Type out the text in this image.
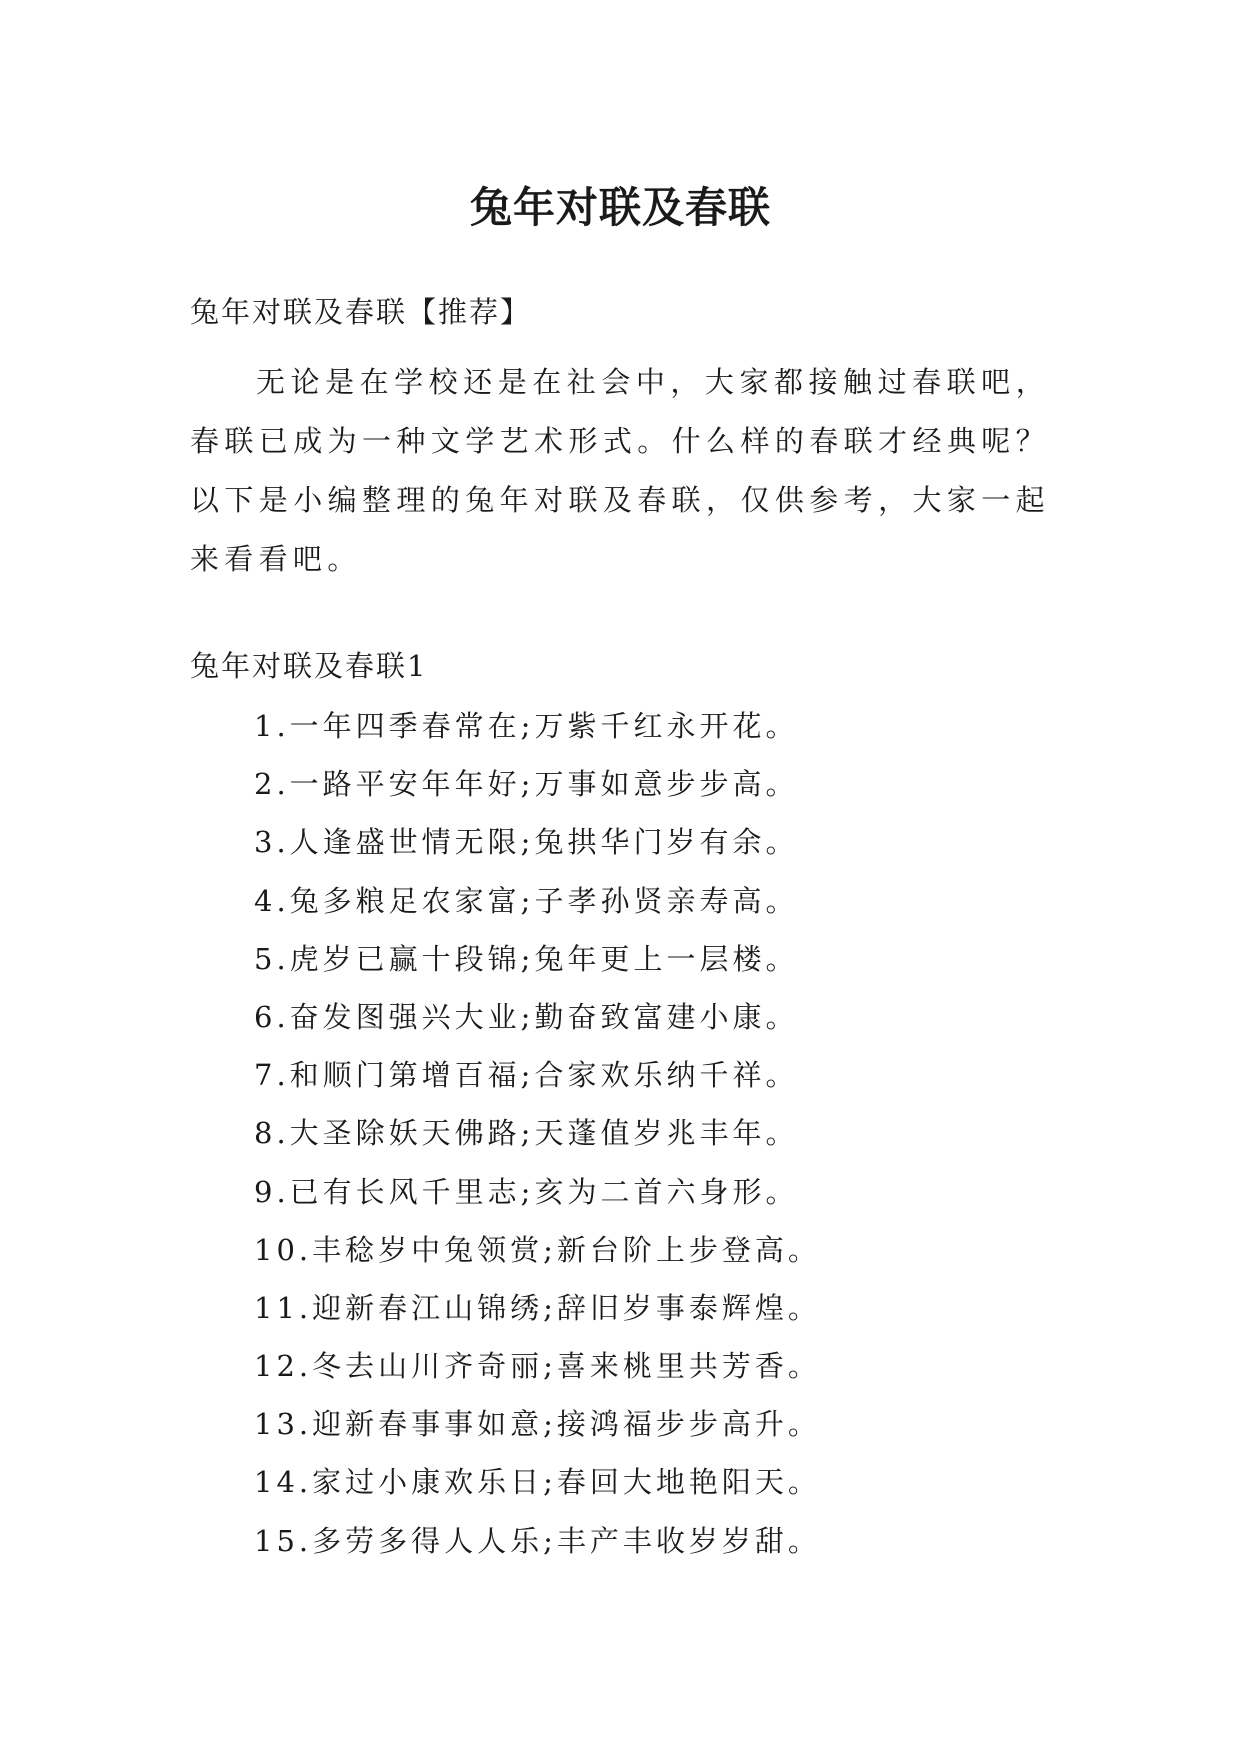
兔年对联及春联
兔年对联及春联【推荐】

无论是在学校还是在社会中，大家都接触过春联吧，春联已成为一种文学艺术形式。什么样的春联才经典呢？以下是小编整理的兔年对联及春联，仅供参考，大家一起来看看吧。

兔年对联及春联1
1.一年四季春常在;万紫千红永开花。
2.一路平安年年好;万事如意步步高。
3.人逢盛世情无限;兔拱华门岁有余。
4.兔多粮足农家富;子孝孙贤亲寿高。
5.虎岁已赢十段锦;兔年更上一层楼。
6.奋发图强兴大业;勤奋致富建小康。
7.和顺门第增百福;合家欢乐纳千祥。
8.大圣除妖天佛路;天蓬值岁兆丰年。
9.已有长风千里志;亥为二首六身形。
10.丰稔岁中兔领赏;新台阶上步登高。
11.迎新春江山锦绣;辞旧岁事泰辉煌。
12.冬去山川齐奇丽;喜来桃里共芳香。
13.迎新春事事如意;接鸿福步步高升。
14.家过小康欢乐日;春回大地艳阳天。
15.多劳多得人人乐;丰产丰收岁岁甜。
